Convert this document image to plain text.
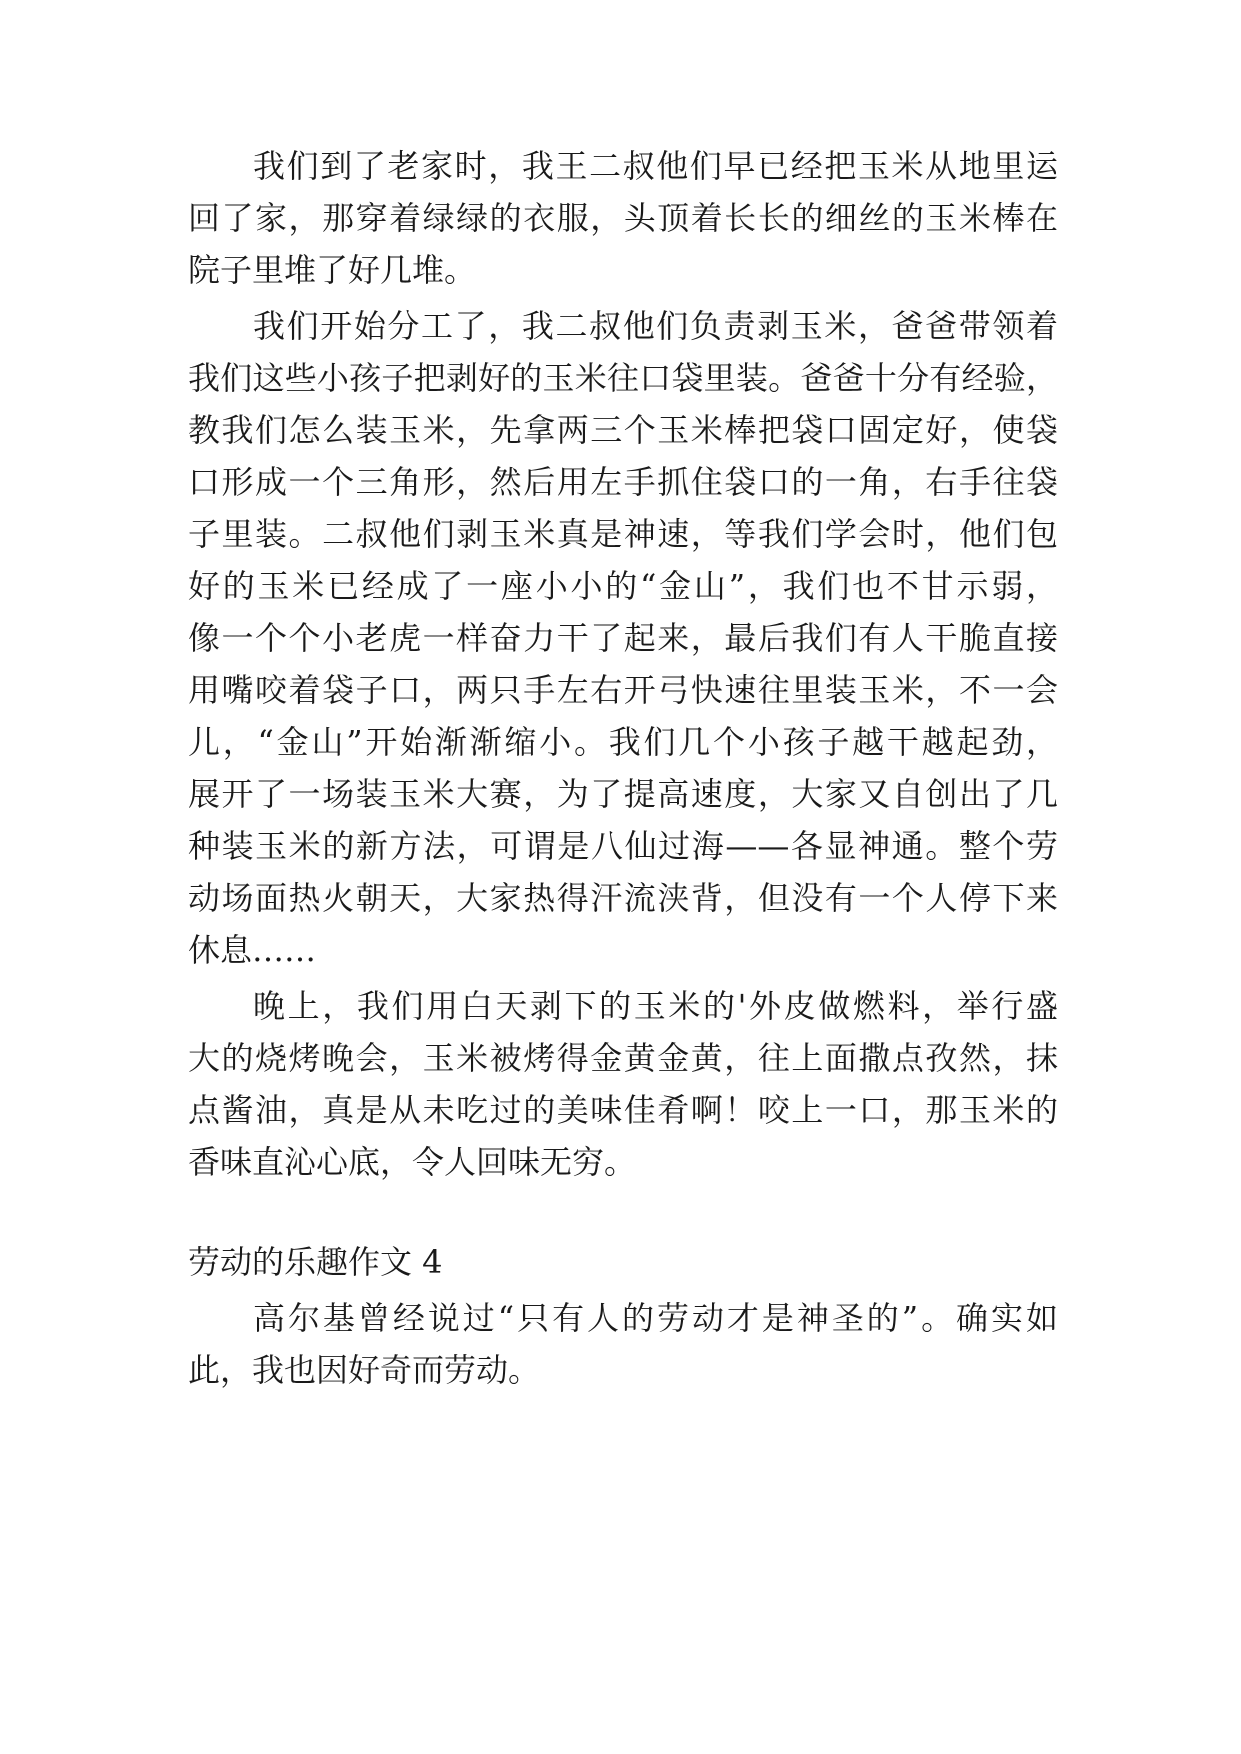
我们到了老家时，我王二叔他们早已经把玉米从地里运
回了家，那穿着绿绿的衣服，头顶着长长的细丝的玉米棒在
院子里堆了好几堆。
我们开始分工了，我二叔他们负责剥玉米，爸爸带领着
我们这些小孩子把剥好的玉米往口袋里装。爸爸十分有经验，
教我们怎么装玉米，先拿两三个玉米棒把袋口固定好，使袋
口形成一个三角形，然后用左手抓住袋口的一角，右手往袋
子里装。二叔他们剥玉米真是神速，等我们学会时，他们包
好的玉米已经成了一座小小的“金山”，我们也不甘示弱，
像一个个小老虎一样奋力干了起来，最后我们有人干脆直接
用嘴咬着袋子口，两只手左右开弓快速往里装玉米，不一会
儿，“金山”开始渐渐缩小。我们几个小孩子越干越起劲，
展开了一场装玉米大赛，为了提高速度，大家又自创出了几
种装玉米的新方法，可谓是八仙过海——各显神通。整个劳
动场面热火朝天，大家热得汗流浃背，但没有一个人停下来
休息……
晚上，我们用白天剥下的玉米的'外皮做燃料，举行盛
大的烧烤晚会，玉米被烤得金黄金黄，往上面撒点孜然，抹
点酱油，真是从未吃过的美味佳肴啊！咬上一口，那玉米的
香味直沁心底，令人回味无穷。
劳动的乐趣作文 4
高尔基曾经说过“只有人的劳动才是神圣的”。确实如
此，我也因好奇而劳动。
